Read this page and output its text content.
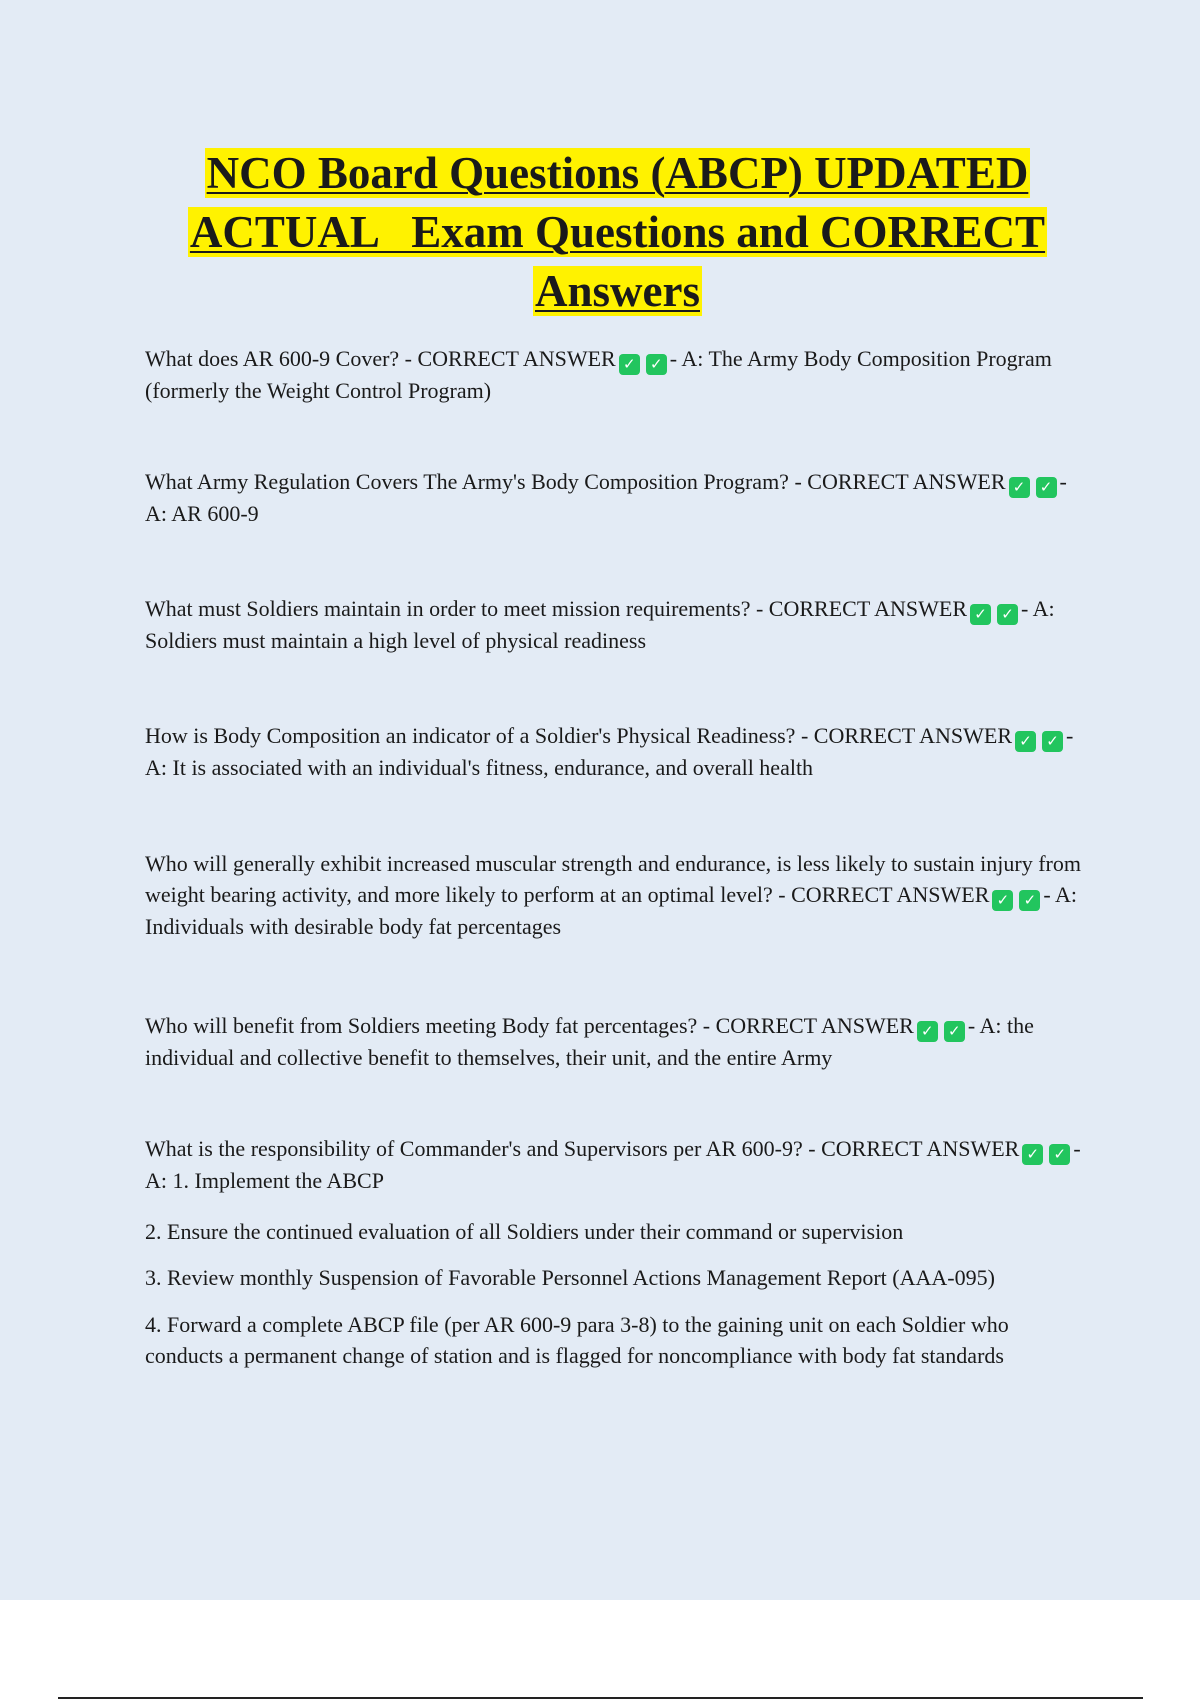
NCO Board Questions (ABCP) UPDATED
ACTUAL   Exam Questions and CORRECT
Answers

What does AR 600-9 Cover? - CORRECT ANSWER ✓ ✓ - A: The Army Body Composition Program (formerly the Weight Control Program)

What Army Regulation Covers The Army's Body Composition Program? - CORRECT ANSWER ✓ ✓ - A: AR 600-9

What must Soldiers maintain in order to meet mission requirements? - CORRECT ANSWER ✓ ✓ - A: Soldiers must maintain a high level of physical readiness

How is Body Composition an indicator of a Soldier's Physical Readiness? - CORRECT ANSWER ✓ ✓ - A: It is associated with an individual's fitness, endurance, and overall health

Who will generally exhibit increased muscular strength and endurance, is less likely to sustain injury from weight bearing activity, and more likely to perform at an optimal level? - CORRECT ANSWER ✓ ✓ - A: Individuals with desirable body fat percentages

Who will benefit from Soldiers meeting Body fat percentages? - CORRECT ANSWER ✓ ✓ - A: the individual and collective benefit to themselves, their unit, and the entire Army

What is the responsibility of Commander's and Supervisors per AR 600-9? - CORRECT ANSWER ✓ ✓ - A: 1. Implement the ABCP

2. Ensure the continued evaluation of all Soldiers under their command or supervision
3. Review monthly Suspension of Favorable Personnel Actions Management Report (AAA-095)
4. Forward a complete ABCP file (per AR 600-9 para 3-8) to the gaining unit on each Soldier who conducts a permanent change of station and is flagged for noncompliance with body fat standards
